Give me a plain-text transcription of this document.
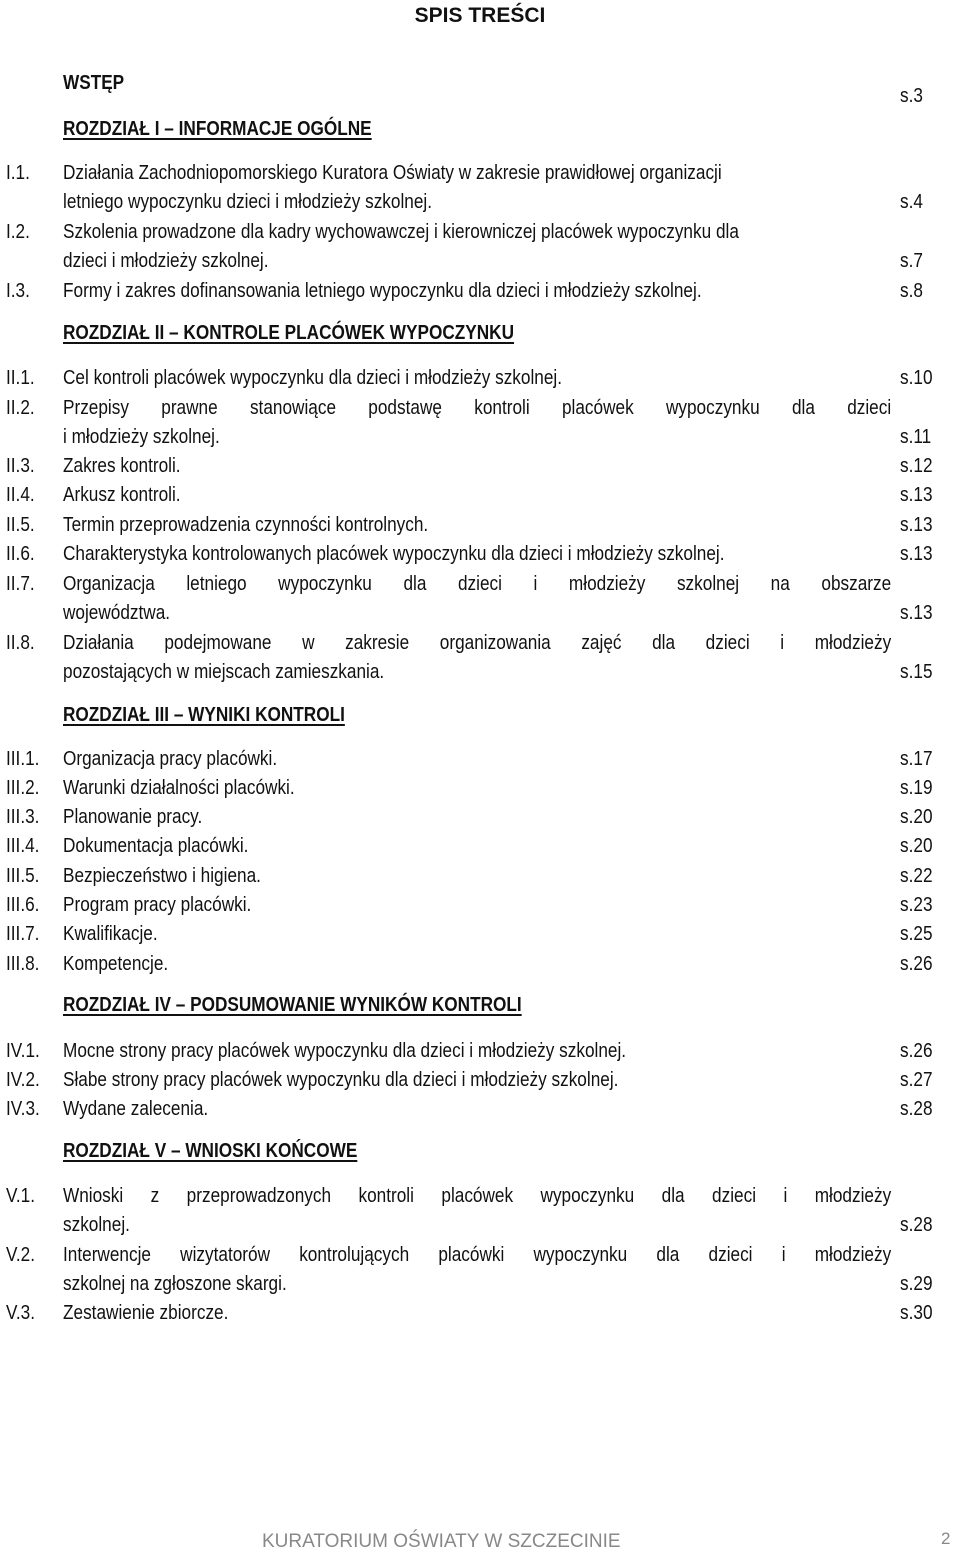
SPIS TREŚCI
WSTĘP
s.3
ROZDZIAŁ I – INFORMACJE OGÓLNE
I.1. Działania Zachodniopomorskiego Kuratora Oświaty w zakresie prawidłowej organizacji
letniego wypoczynku dzieci i młodzieży szkolnej.	s.4
I.2. Szkolenia prowadzone dla kadry wychowawczej i kierowniczej placówek wypoczynku dla
dzieci i młodzieży szkolnej.	s.7
I.3. Formy i zakres dofinansowania letniego wypoczynku dla dzieci i młodzieży szkolnej.	s.8
ROZDZIAŁ II – KONTROLE PLACÓWEK WYPOCZYNKU
II.1. Cel kontroli placówek wypoczynku dla dzieci i młodzieży szkolnej.	s.10
II.2. Przepisy prawne stanowiące podstawę kontroli placówek wypoczynku dla dzieci
i młodzieży szkolnej.	s.11
II.3. Zakres kontroli.	s.12
II.4. Arkusz kontroli.	s.13
II.5. Termin przeprowadzenia czynności kontrolnych.	s.13
II.6. Charakterystyka kontrolowanych placówek wypoczynku dla dzieci i młodzieży szkolnej.	s.13
II.7. Organizacja letniego wypoczynku dla dzieci i młodzieży szkolnej na obszarze
województwa.	s.13
II.8. Działania podejmowane w zakresie organizowania zajęć dla dzieci i młodzieży
pozostających w miejscach zamieszkania.	s.15
ROZDZIAŁ III – WYNIKI KONTROLI
III.1. Organizacja pracy placówki.	s.17
III.2. Warunki działalności placówki.	s.19
III.3. Planowanie pracy.	s.20
III.4. Dokumentacja placówki.	s.20
III.5. Bezpieczeństwo i higiena.	s.22
III.6. Program pracy placówki.	s.23
III.7. Kwalifikacje.	s.25
III.8. Kompetencje.	s.26
ROZDZIAŁ IV – PODSUMOWANIE WYNIKÓW KONTROLI
IV.1. Mocne strony pracy placówek wypoczynku dla dzieci i młodzieży szkolnej.	s.26
IV.2. Słabe strony pracy placówek wypoczynku dla dzieci i młodzieży szkolnej.	s.27
IV.3. Wydane zalecenia.	s.28
ROZDZIAŁ V – WNIOSKI KOŃCOWE
V.1. Wnioski z przeprowadzonych kontroli placówek wypoczynku dla dzieci i młodzieży
szkolnej.	s.28
V.2. Interwencje wizytatorów kontrolujących placówki wypoczynku dla dzieci i młodzieży
szkolnej na zgłoszone skargi.	s.29
V.3. Zestawienie zbiorcze.	s.30
KURATORIUM OŚWIATY W SZCZECINIE	2
